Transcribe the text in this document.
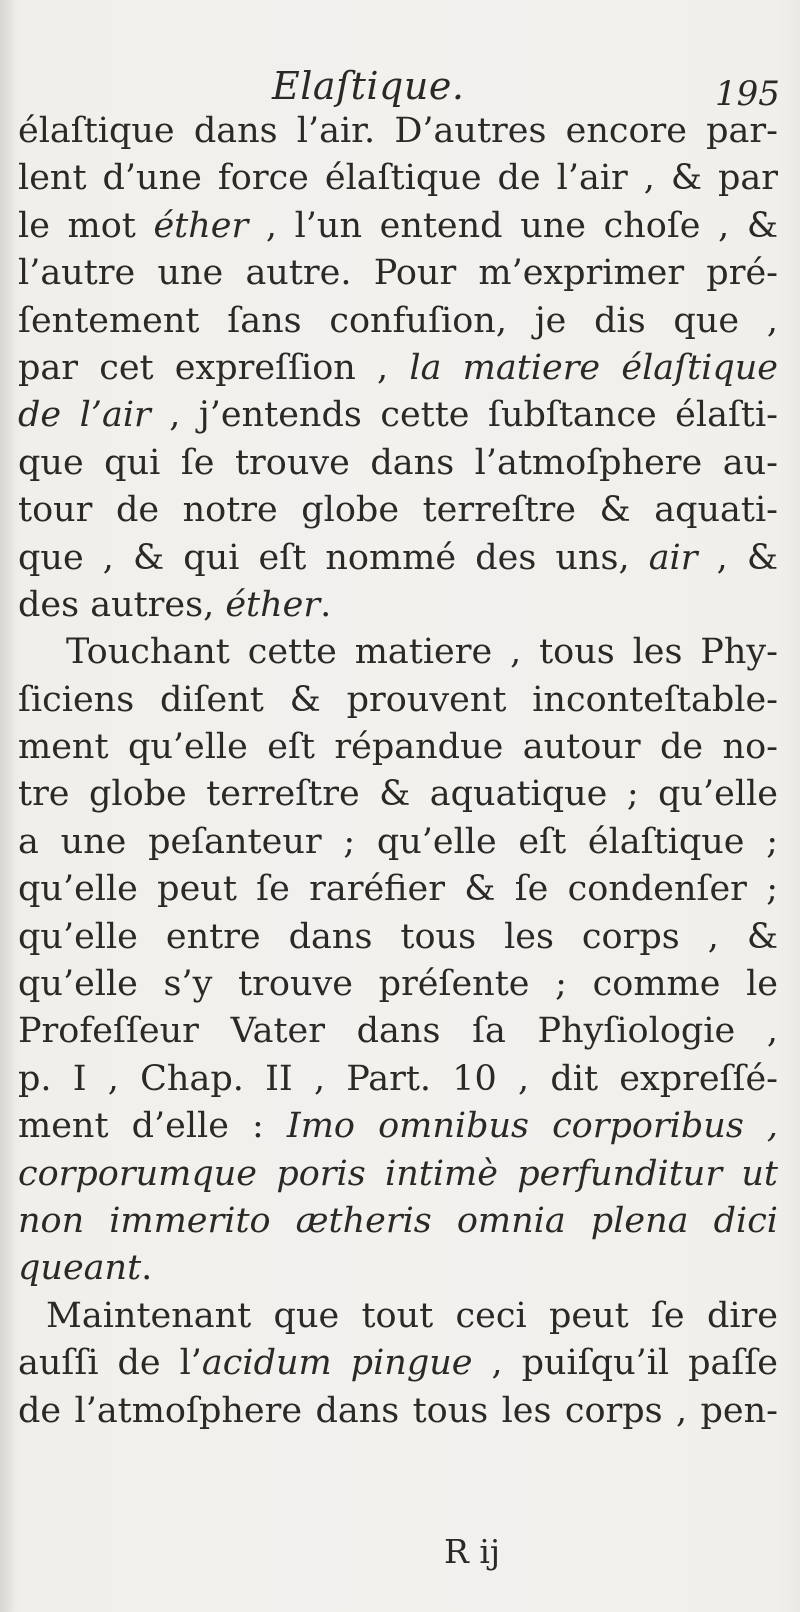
Elaſtique.	195
élaſtique dans l’air. D’autres encore par-
lent d’une force élaſtique de l’air , & par
le mot éther , l’un entend une choſe , &
l’autre une autre. Pour m’exprimer pré-
ſentement ſans confuſion, je dis que ,
par cet expreſſion , la matiere élaſtique
de l’air , j’entends cette ſubſtance élaſti-
que qui ſe trouve dans l’atmoſphere au-
tour de notre globe terreſtre & aquati-
que , & qui eſt nommé des uns, air , &
des autres, éther.
Touchant cette matiere , tous les Phy-
ſiciens diſent & prouvent inconteſtable-
ment qu’elle eſt répandue autour de no-
tre globe terreſtre & aquatique ; qu’elle
a une peſanteur ; qu’elle eſt élaſtique ;
qu’elle peut ſe raréfier & ſe condenſer ;
qu’elle entre dans tous les corps , &
qu’elle s’y trouve préſente ; comme le
Profeſſeur Vater dans ſa Phyſiologie ,
p. I , Chap. II , Part. 10 , dit expreſſé-
ment d’elle : Imo omnibus corporibus ,
corporumque poris intimè perfunditur ut
non immerito ætheris omnia plena dici
queant.
Maintenant que tout ceci peut ſe dire
auſſi de l’acidum pingue , puiſqu’il paſſe
de l’atmoſphere dans tous les corps , pen-
R ij
